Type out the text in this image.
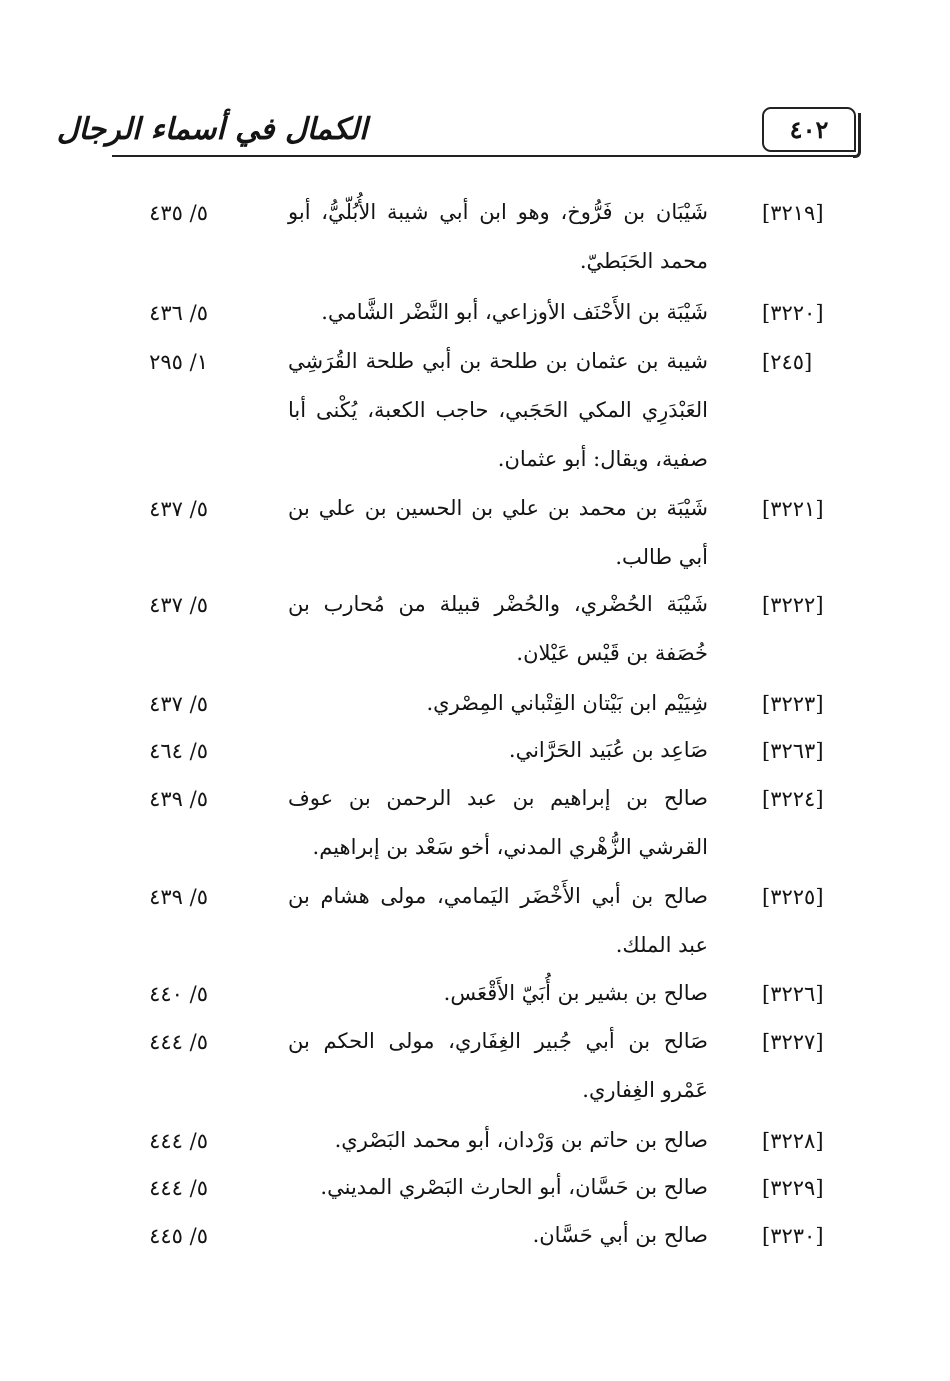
الكمال في أسماء الرجال	٤٠٢
[٣٢١٩]
شَيْبَان بن فَرُّوخ، وهو ابن أبي شيبة الأُبُلّيُّ، أبو محمد الحَبَطيّ.
٥/ ٤٣٥
[٣٢٢٠]
شَيْبَة بن الأَحْنَف الأوزاعي، أبو النَّضْر الشَّامي.
٥/ ٤٣٦
[٢٤٥]
شيبة بن عثمان بن طلحة بن أبي طلحة القُرَشِي العَبْدَرِي المكي الحَجَبي، حاجب الكعبة، يُكْنى أبا صفية، ويقال: أبو عثمان.
١/ ٢٩٥
[٣٢٢١]
شَيْبَة بن محمد بن علي بن الحسين بن علي بن أبي طالب.
٥/ ٤٣٧
[٣٢٢٢]
شَيْبَة الحُضْري، والحُضْر قبيلة من مُحارب بن خُصَفة بن قَيْس عَيْلان.
٥/ ٤٣٧
[٣٢٢٣]
شِيَيْم ابن بَيْتان القِتْباني المِصْري.
٥/ ٤٣٧
[٣٢٦٣]
صَاعِد بن عُبَيد الحَرَّاني.
٥/ ٤٦٤
[٣٢٢٤]
صالح بن إبراهيم بن عبد الرحمن بن عوف القرشي الزُّهْري المدني، أخو سَعْد بن إبراهيم.
٥/ ٤٣٩
[٣٢٢٥]
صالح بن أبي الأَخْضَر اليَمامي، مولى هشام بن عبد الملك.
٥/ ٤٣٩
[٣٢٢٦]
صالح بن بشير بن أُبَيّ الأَقْعَس.
٥/ ٤٤٠
[٣٢٢٧]
صَالح بن أبي جُبير الغِفَاري، مولى الحكم بن عَمْرو الغِفاري.
٥/ ٤٤٤
[٣٢٢٨]
صالح بن حاتم بن وَرْدان، أبو محمد البَصْري.
٥/ ٤٤٤
[٣٢٢٩]
صالح بن حَسَّان، أبو الحارث البَصْري المديني.
٥/ ٤٤٤
[٣٢٣٠]
صالح بن أبي حَسَّان.
٥/ ٤٤٥
